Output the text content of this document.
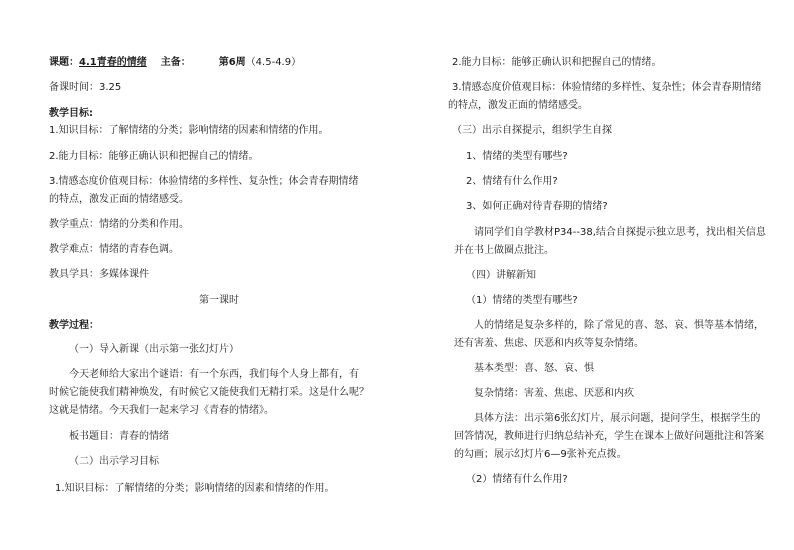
课题：4.1青春的情绪 主备：	第6周（4.5-4.9）
备课时间：3.25
教学目标:
1.知识目标：了解情绪的分类；影响情绪的因素和情绪的作用。
2.能力目标：能够正确认识和把握自己的情绪。
3.情感态度价值观目标：体验情绪的多样性、复杂性；体会青春期情绪
的特点，激发正面的情绪感受。
教学重点：情绪的分类和作用。
教学难点：情绪的青春色调。
教具学具：多媒体课件
第一课时
教学过程：
（一）导入新课（出示第一张幻灯片）
今天老师给大家出个谜语：有一个东西，我们每个人身上都有，有
时候它能使我们精神焕发，有时候它又能使我们无精打采。这是什么呢？
这就是情绪。今天我们一起来学习《青春的情绪》。
板书题目：青春的情绪
（二）出示学习目标
1.知识目标：了解情绪的分类；影响情绪的因素和情绪的作用。
2.能力目标：能够正确认识和把握自己的情绪。
3.情感态度价值观目标：体验情绪的多样性、复杂性；体会青春期情绪
的特点，激发正面的情绪感受。
（三）出示自探提示，组织学生自探
1、情绪的类型有哪些?
2、情绪有什么作用?
3、如何正确对待青春期的情绪?
请同学们自学教材P34--38,结合自探提示独立思考，找出相关信息
并在书上做圈点批注。
（四）讲解新知
（1）情绪的类型有哪些?
人的情绪是复杂多样的，除了常见的喜、怒、哀、惧等基本情绪，
还有害羞、焦虑、厌恶和内疚等复杂情绪。
基本类型：喜、怒、哀、惧
复杂情绪：害羞、焦虑、厌恶和内疚
具体方法：出示第6张幻灯片，展示问题，提问学生，根据学生的
回答情况，教师进行归纳总结补充，学生在课本上做好问题批注和答案
的勾画；展示幻灯片6—9张补充点拨。
（2）情绪有什么作用?
